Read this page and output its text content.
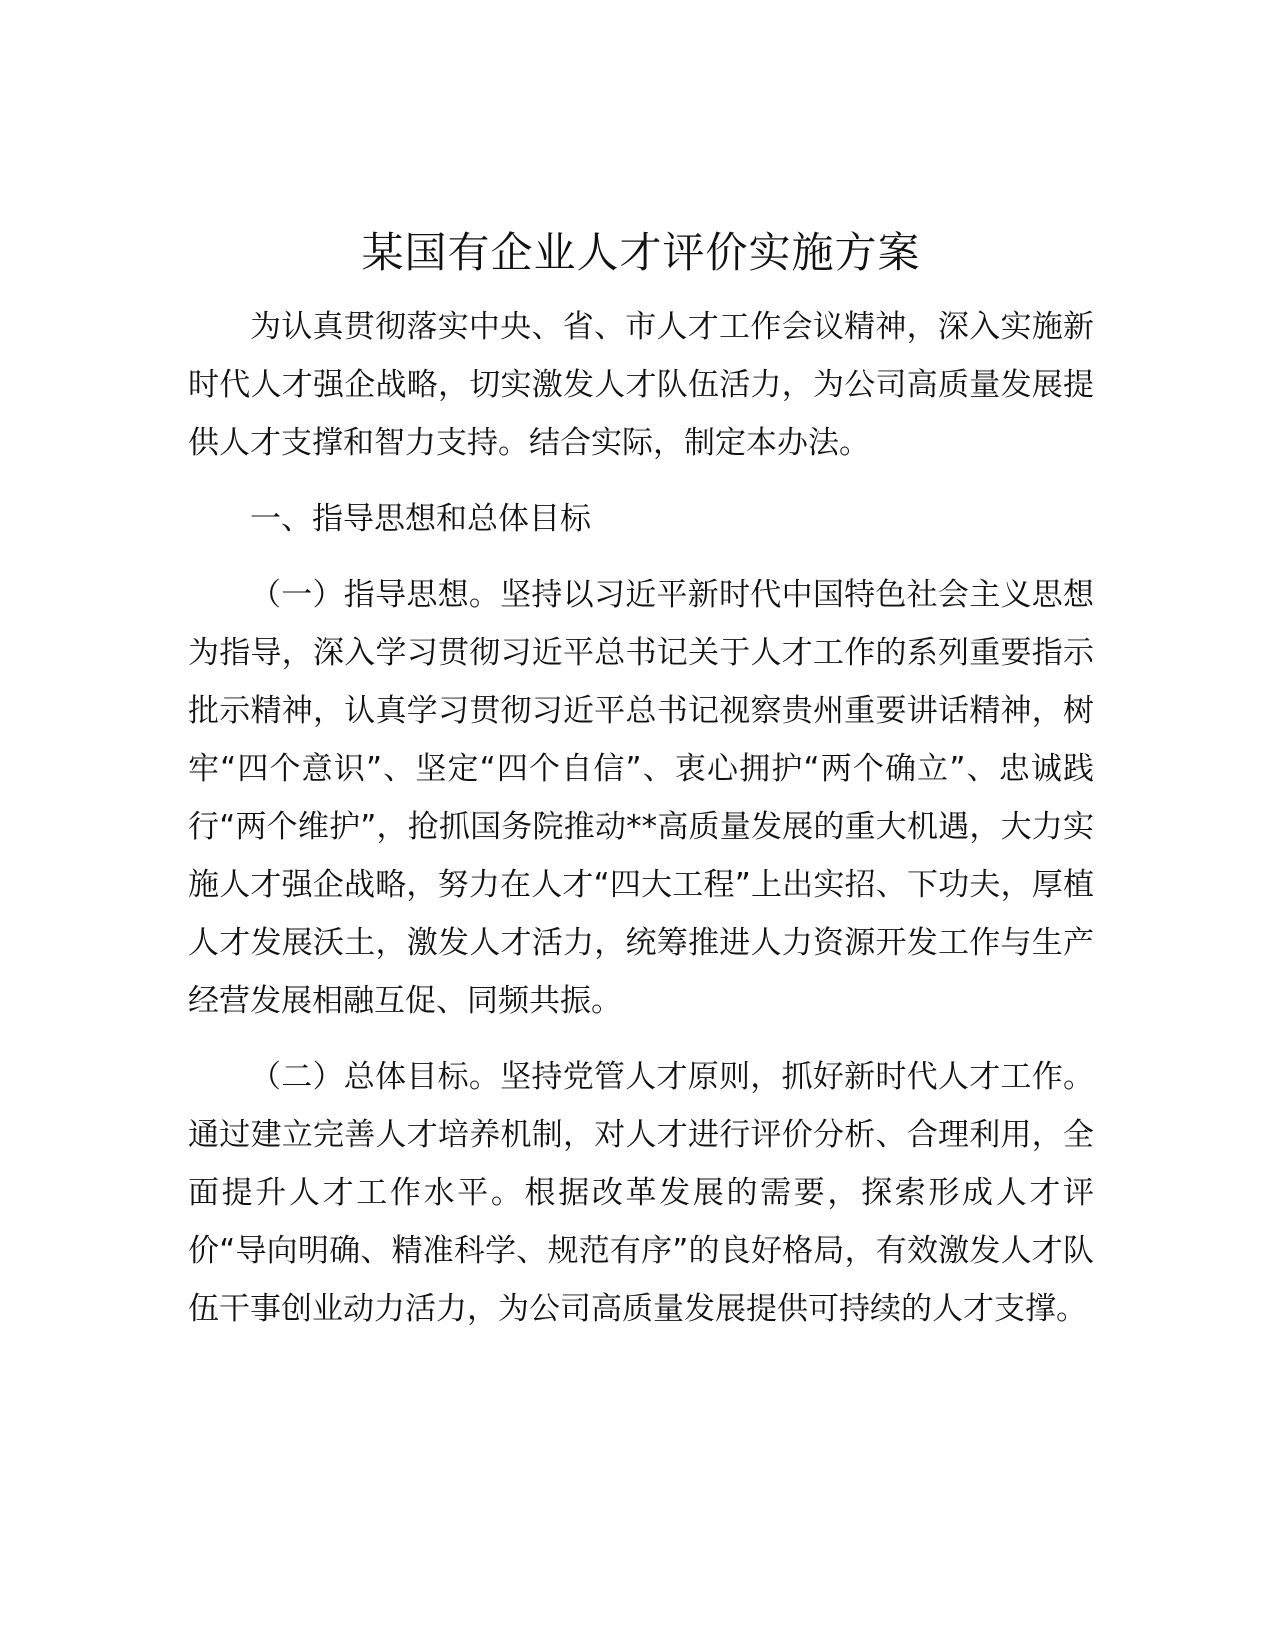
某国有企业人才评价实施方案

为认真贯彻落实中央、省、市人才工作会议精神，深入实施新时代人才强企战略，切实激发人才队伍活力，为公司高质量发展提供人才支撑和智力支持。结合实际，制定本办法。

一、指导思想和总体目标

（一）指导思想。坚持以习近平新时代中国特色社会主义思想为指导，深入学习贯彻习近平总书记关于人才工作的系列重要指示批示精神，认真学习贯彻习近平总书记视察贵州重要讲话精神，树牢“四个意识”、坚定“四个自信”、衷心拥护“两个确立”、忠诚践行“两个维护”，抢抓国务院推动**高质量发展的重大机遇，大力实施人才强企战略，努力在人才“四大工程”上出实招、下功夫，厚植人才发展沃土，激发人才活力，统筹推进人力资源开发工作与生产经营发展相融互促、同频共振。

（二）总体目标。坚持党管人才原则，抓好新时代人才工作。通过建立完善人才培养机制，对人才进行评价分析、合理利用，全面提升人才工作水平。根据改革发展的需要，探索形成人才评价“导向明确、精准科学、规范有序”的良好格局，有效激发人才队伍干事创业动力活力，为公司高质量发展提供可持续的人才支撑。
